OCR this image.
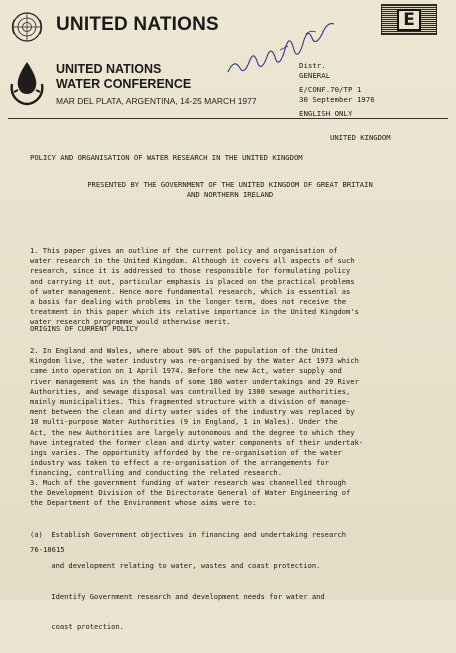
UNITED NATIONS	E
UNITED NATIONS
WATER CONFERENCE
MAR DEL PLATA, ARGENTINA, 14-25 MARCH 1977
Distr.
GENERAL
E/CONF.70/TP 1
30 September 1976
ENGLISH ONLY
UNITED KINGDOM
POLICY AND ORGANISATION OF WATER RESEARCH IN THE UNITED KINGDOM
PRESENTED BY THE GOVERNMENT OF THE UNITED KINGDOM OF GREAT BRITAIN
AND NORTHERN IRELAND
1. This paper gives an outline of the current policy and organisation of
water research in the United Kingdom. Although it covers all aspects of such
research, since it is addressed to those responsible for formulating policy
and carrying it out, particular emphasis is placed on the practical problems
of water management. Hence more fundamental research, which is essential as
a basis for dealing with problems in the longer term, does not receive the
treatment in this paper which its relative importance in the United Kingdom's
water research programme would otherwise merit.
ORIGINS OF CURRENT POLICY
2. In England and Wales, where about 90% of the population of the United
Kingdom live, the water industry was re-organised by the Water Act 1973 which
came into operation on 1 April 1974. Before the new Act, water supply and
river management was in the hands of some 180 water undertakings and 29 River
Authorities, and sewage disposal was controlled by 1300 sewage authorities,
mainly municipalities. This fragmented structure with a division of manage-
ment between the clean and dirty water sides of the industry was replaced by
10 multi-purpose Water Authorities (9 in England, 1 in Wales). Under the
Act, the new Authorities are largely autonomous and the degree to which they
have integrated the former clean and dirty water components of their undertak-
ings varies. The opportunity afforded by the re-organisation of the water
industry was taken to effect a re-organisation of the arrangements for
financing, controlling and conducting the related research.
3. Much of the government funding of water research was channelled through
the Development Division of the Directorate General of Water Engineering of
the Department of the Environment whose aims were to:

(a)  Establish Government objectives in financing and undertaking research

and development relating to water, wastes and coast protection.

Identify Government research and development needs for water and

coast protection.

76-18615
